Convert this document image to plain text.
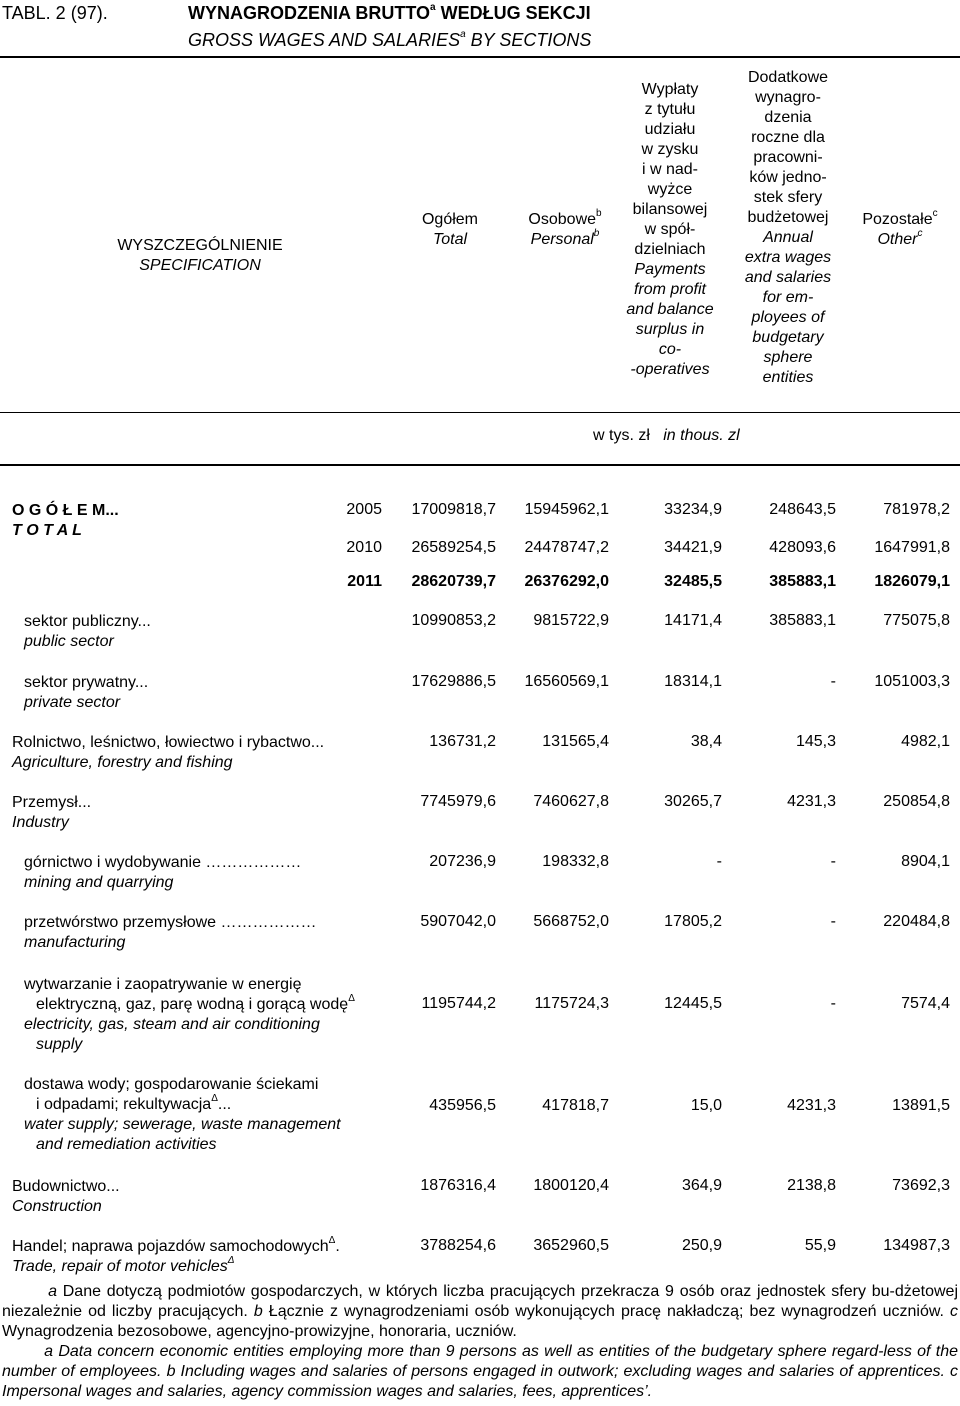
TABL. 2 (97).	WYNAGRODZENIA BRUTTO$^a$ WEDŁUG SEKCJI
GROSS WAGES AND SALARIES$^a$ BY SECTIONS
WYSZCZEGÓLNIENIE
SPECIFICATION
Ogółem
Total
Osobowe$^b$
Personal$^b$
Wypłaty
z tytułu
udziału
w zysku
i w nad-
wyżce
bilansowej
w spół-
dzielniach
Payments
from profit
and balance
surplus in
co-
-operatives
Dodatkowe
wynagro-
dzenia
roczne dla
pracowni-
ków jedno-
stek sfery
budżetowej
Annual
extra wages
and salaries
for em-
ployees of
budgetary
sphere
entities
Pozostałe$^c$
Other$^c$
w tys. zł in thous. zl
O G Ó Ł E M...
T O T A L
2005 17009818,7 15945962,1	33234,9	248643,5	781978,2
2010 26589254,5 24478747,2	34421,9	428093,6 1647991,8
2011 28620739,7 26376292,0	32485,5	385883,1 1826079,1
sektor publiczny...
public sector
10990853,2 9815722,9	14171,4	385883,1	775075,8
sektor prywatny...
private sector
17629886,5 16560569,1	18314,1	- 1051003,3
Rolnictwo, leśnictwo, łowiectwo i rybactwo...
Agriculture, forestry and fishing
136731,2	131565,4	38,4	145,3	4982,1
Przemysł...
Industry
7745979,6 7460627,8	30265,7	4231,3	250854,8
górnictwo i wydobywanie ………………
mining and quarrying
207236,9	198332,8	-	-	8904,1
przetwórstwo przemysłowe ………………
manufacturing
5907042,0 5668752,0	17805,2	-	220484,8
wytwarzanie i zaopatrywanie w energię
elektryczną, gaz, parę wodną i gorącą wodę$^\Delta$
electricity, gas, steam and air conditioning
supply
1195744,2 1175724,3	12445,5	-	7574,4
dostawa wody; gospodarowanie ściekami
i odpadami; rekultywacja$^\Delta$...
water supply; sewerage, waste management
and remediation activities
435956,5	417818,7	15,0	4231,3	13891,5
Budownictwo...
Construction
1876316,4 1800120,4	364,9	2138,8	73692,3
Handel; naprawa pojazdów samochodowych$^\Delta$.
Trade, repair of motor vehicles$^\Delta$
3788254,6 3652960,5	250,9	55,9	134987,3
a Dane dotyczą podmiotów gospodarczych, w których liczba pracujących przekracza 9 osób oraz jednostek sfery bu-dżetowej niezależnie od liczby pracujących. b Łącznie z wynagrodzeniami osób wykonujących pracę nakładczą; bez wynagrodzeń uczniów. c Wynagrodzenia bezosobowe, agencyjno-prowizyjne, honoraria, uczniów.
a Data concern economic entities employing more than 9 persons as well as entities of the budgetary sphere regard-less of the number of employees. b Including wages and salaries of persons engaged in outwork; excluding wages and salaries of apprentices. c Impersonal wages and salaries, agency commission wages and salaries, fees, apprentices’.
